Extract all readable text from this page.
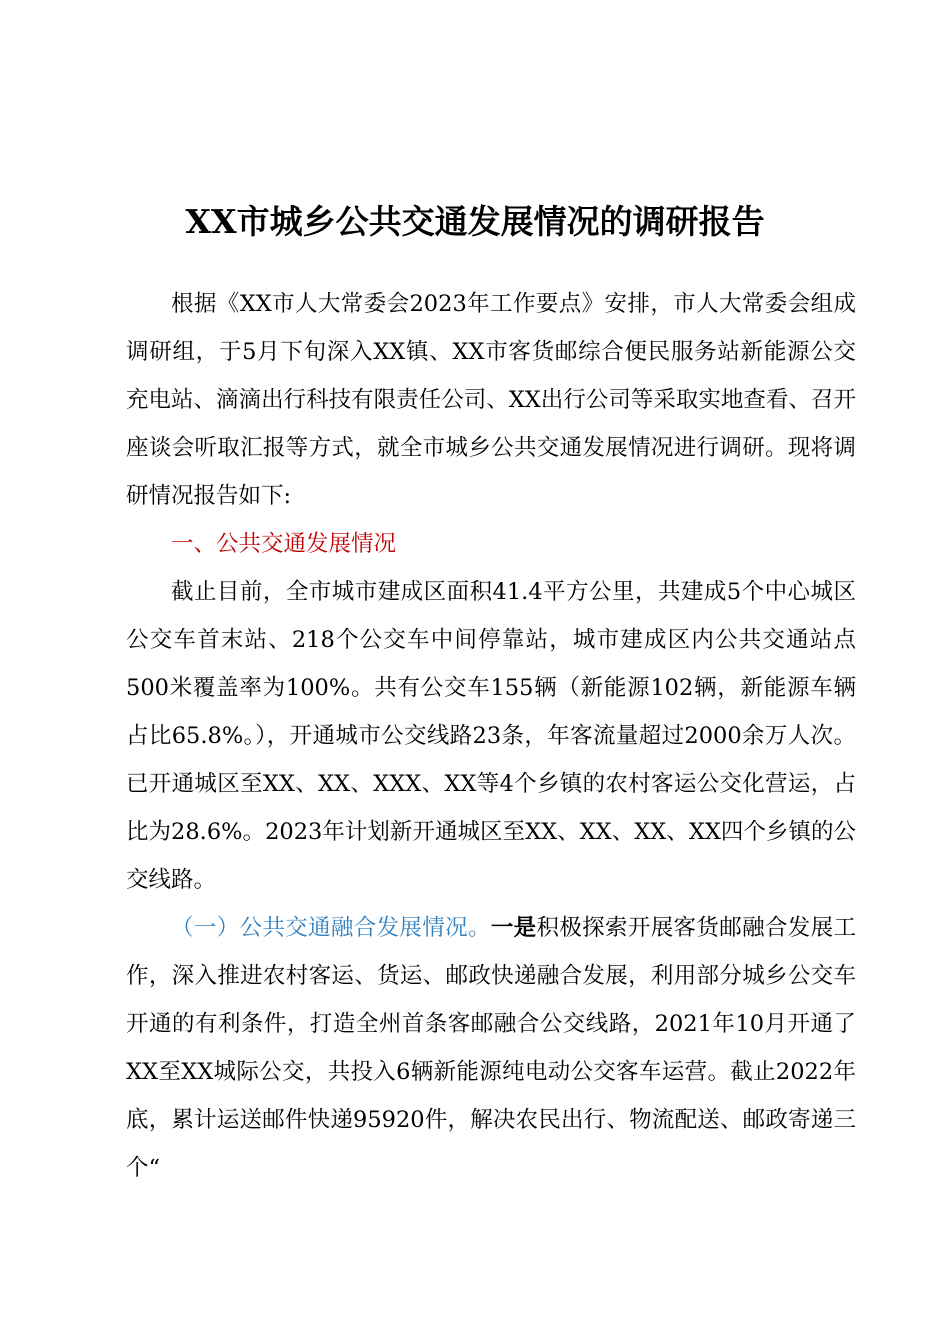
XX市城乡公共交通发展情况的调研报告

根据《XX市人大常委会2023年工作要点》安排，市人大常委会组成调研组，于5月下旬深入XX镇、XX市客货邮综合便民服务站新能源公交充电站、滴滴出行科技有限责任公司、XX出行公司等采取实地查看、召开座谈会听取汇报等方式，就全市城乡公共交通发展情况进行调研。现将调研情况报告如下:

一、公共交通发展情况

截止目前，全市城市建成区面积41.4平方公里，共建成5个中心城区公交车首末站、218个公交车中间停靠站，城市建成区内公共交通站点500米覆盖率为100%。共有公交车155辆（新能源102辆，新能源车辆占比65.8%。），开通城市公交线路23条，年客流量超过2000余万人次。已开通城区至XX、XX、XXX、XX等4个乡镇的农村客运公交化营运，占比为28.6%。2023年计划新开通城区至XX、XX、XX、XX四个乡镇的公交线路。

（一）公共交通融合发展情况。一是积极探索开展客货邮融合发展工作，深入推进农村客运、货运、邮政快递融合发展，利用部分城乡公交车开通的有利条件，打造全州首条客邮融合公交线路，2021年10月开通了XX至XX城际公交，共投入6辆新能源纯电动公交客车运营。截止2022年底，累计运送邮件快递95920件，解决农民出行、物流配送、邮政寄递三个“
